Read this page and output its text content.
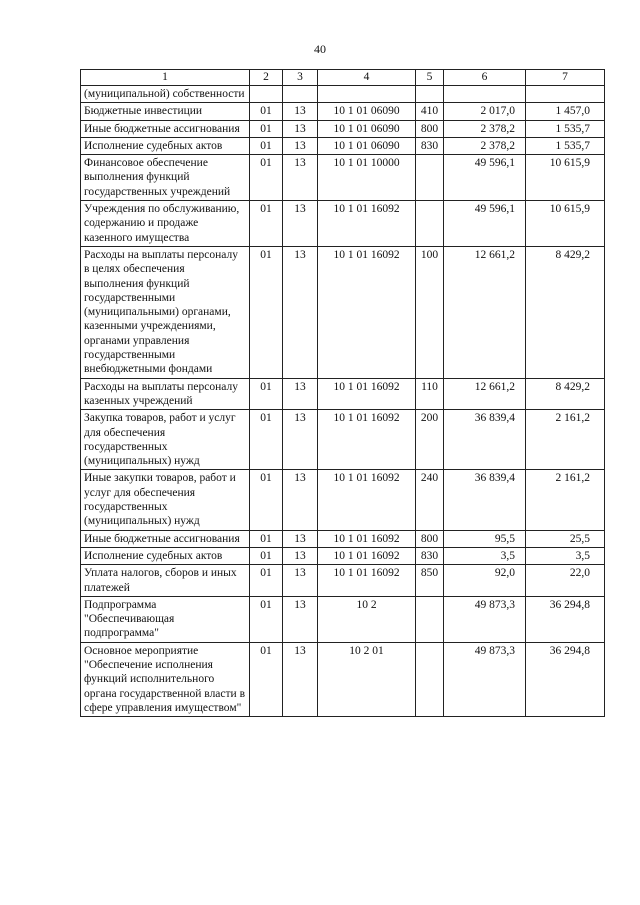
40
1	2	3	4	5	6	7
(муниципальной) собственности						
Бюджетные инвестиции	01	13	10 1 01 06090	410	2 017,0	1 457,0
Иные бюджетные ассигнования	01	13	10 1 01 06090	800	2 378,2	1 535,7
Исполнение судебных актов	01	13	10 1 01 06090	830	2 378,2	1 535,7
Финансовое обеспечение выполнения функций государственных учреждений	01	13	10 1 01 10000		49 596,1	10 615,9
Учреждения по обслуживанию, содержанию и продаже казенного имущества	01	13	10 1 01 16092		49 596,1	10 615,9
Расходы на выплаты персоналу в целях обеспечения выполнения функций государственными (муниципальными) органами, казенными учреждениями, органами управления государственными внебюджетными фондами	01	13	10 1 01 16092	100	12 661,2	8 429,2
Расходы на выплаты персоналу казенных учреждений	01	13	10 1 01 16092	110	12 661,2	8 429,2
Закупка товаров, работ и услуг для обеспечения государственных (муниципальных) нужд	01	13	10 1 01 16092	200	36 839,4	2 161,2
Иные закупки товаров, работ и услуг для обеспечения государственных (муниципальных) нужд	01	13	10 1 01 16092	240	36 839,4	2 161,2
Иные бюджетные ассигнования	01	13	10 1 01 16092	800	95,5	25,5
Исполнение судебных актов	01	13	10 1 01 16092	830	3,5	3,5
Уплата налогов, сборов и иных платежей	01	13	10 1 01 16092	850	92,0	22,0
Подпрограмма "Обеспечивающая подпрограмма"	01	13	10 2		49 873,3	36 294,8
Основное мероприятие "Обеспечение исполнения функций исполнительного органа государственной власти в сфере управления имуществом"	01	13	10 2 01		49 873,3	36 294,8
